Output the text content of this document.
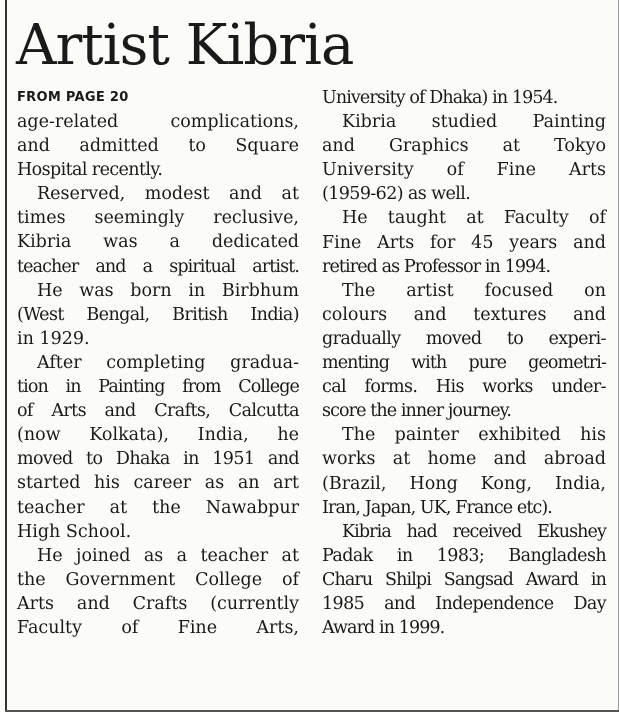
Artist Kibria
FROM PAGE 20
age-related complications,
and admitted to Square
Hospital recently.
Reserved, modest and at
times seemingly reclusive,
Kibria was a dedicated
teacher and a spiritual artist.
He was born in Birbhum
(West Bengal, British India)
in 1929.
After completing gradua-
tion in Painting from College
of Arts and Crafts, Calcutta
(now Kolkata), India, he
moved to Dhaka in 1951 and
started his career as an art
teacher at the Nawabpur
High School.
He joined as a teacher at
the Government College of
Arts and Crafts (currently
Faculty of Fine Arts,
University of Dhaka) in 1954.
Kibria studied Painting
and Graphics at Tokyo
University of Fine Arts
(1959-62) as well.
He taught at Faculty of
Fine Arts for 45 years and
retired as Professor in 1994.
The artist focused on
colours and textures and
gradually moved to experi-
menting with pure geometri-
cal forms. His works under-
score the inner journey.
The painter exhibited his
works at home and abroad
(Brazil, Hong Kong, India,
Iran, Japan, UK, France etc).
Kibria had received Ekushey
Padak in 1983; Bangladesh
Charu Shilpi Sangsad Award in
1985 and Independence Day
Award in 1999.
